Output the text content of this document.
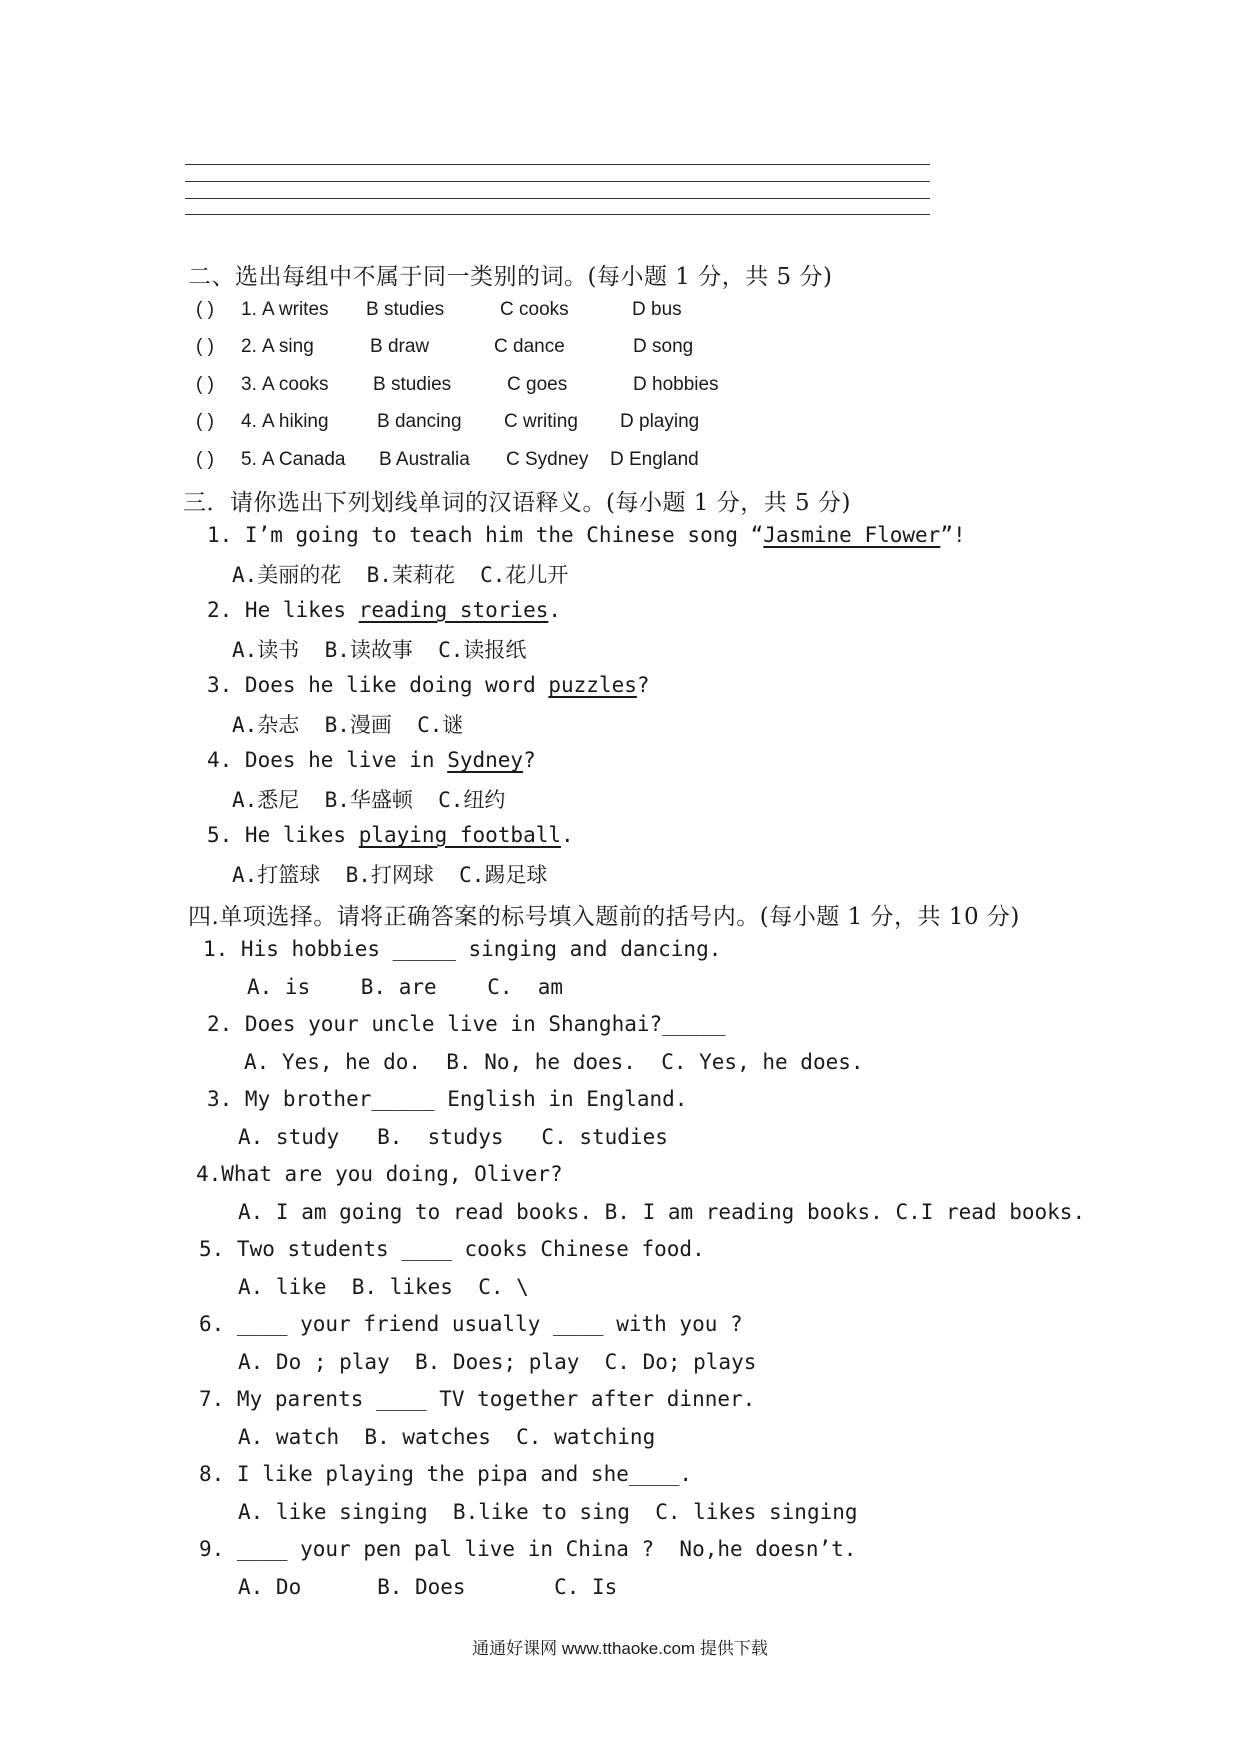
二、选出每组中不属于同一类别的词。(每小题 1 分，共 5 分)
( ) 1. A writes B studies	C cooks	D bus
( ) 2. A sing	B draw	C dance	D song
( ) 3. A cooks B studies	C goes	D hobbies
( ) 4. A hiking	B dancing C writing D playing
( ) 5. A Canada B Australia C Sydney D England
三．请你选出下列划线单词的汉语释义。(每小题 1 分，共 5 分)
1. I’m going to teach him the Chinese song “Jasmine Flower”!
A.美丽的花  B.茉莉花  C.花儿开
2. He likes reading stories.
A.读书  B.读故事  C.读报纸
3. Does he like doing word puzzles?
A.杂志  B.漫画  C.谜
4. Does he live in Sydney?
A.悉尼  B.华盛顿  C.纽约
5. He likes playing football.
A.打篮球  B.打网球  C.踢足球
四.单项选择。请将正确答案的标号填入题前的括号内。(每小题 1 分，共 10 分)
1. His hobbies _____ singing and dancing.
A. is    B. are    C.  am
2. Does your uncle live in Shanghai?_____
A. Yes, he do.  B. No, he does.  C. Yes, he does.
3. My brother_____ English in England.
A. study   B.  studys   C. studies
4.What are you doing, Oliver?
A. I am going to read books. B. I am reading books. C.I read books.
5. Two students ____ cooks Chinese food.
A. like  B. likes  C. \
6. ____ your friend usually ____ with you ?
A. Do ; play  B. Does; play  C. Do; plays
7. My parents ____ TV together after dinner.
A. watch  B. watches  C. watching
8. I like playing the pipa and she____.
A. like singing  B.like to sing  C. likes singing
9. ____ your pen pal live in China ?  No,he doesn’t.
A. Do      B. Does       C. Is
通通好课网 www.tthaoke.com 提供下载
